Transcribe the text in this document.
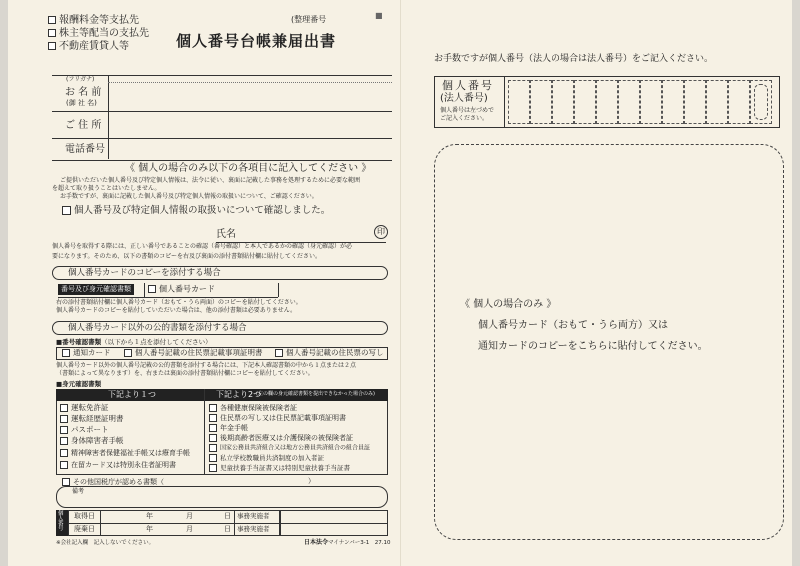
報酬料金等支払先
株主等配当の支払先
不動産賃貸人等	個人番号台帳兼届出書
(整理番号	■
(フリガナ)
お 名 前
(御 社 名)
ご 住 所
電話番号
《 個人の場合のみ以下の各項目に記入してください 》
ご提供いただいた個人番号及び特定個人情報は、法令に従い、裏面に記載した事務を処理するために必要な範囲
を超えて取り扱うことはいたしません。
お手数ですが、裏面に記載した個人番号及び特定個人情報の取扱いについて、ご確認ください。
個人番号及び特定個人情報の取扱いについて確認しました。
氏名	印
個人番号を取得する際には、正しい番号であることの確認（番号確認）と本人であるかの確認（身元確認）が必
要になります。そのため、以下の書類のコピーを右及び裏面の添付書類貼付欄に貼付してください。
個人番号カードのコピーを添付する場合
番号及び身元確認書類	個人番号カード
右の添付書類貼付欄に個人番号カード（おもて・うら両面）のコピーを貼付してください。
個人番号カードのコピーを貼付していただいた場合は、他の添付書類は必要ありません。
個人番号カード以外の公的書類を添付する場合
■番号確認書類（以下から１点を添付してください）
通知カード	個人番号記載の住民票記載事項証明書	個人番号記載の住民票の写し
個人番号カード以外の個人番号記載の公的書類を添付する場合には、下記本人確認書類の中から１点または２点
（書類によって異なります）を、右または裏面の添付書類貼付欄にコピーを貼付してください。
■身元確認書類
下記より１つ	下記より2つ
(左の欄の身元確認書類を提出できなかった場合のみ)
運転免許証
運転経歴証明書
パスポート
身体障害者手帳
精神障害者保健福祉手帳又は療育手帳
在留カード又は特別永住者証明書
各種健康保険被保険者証
住民票の写し又は住民票記載事項証明書
年金手帳
後期高齢者医療又は介護保険の被保険者証
国家公務員共済組合又は地方公務員共済組合の組合員証
私立学校教職員共済制度の加入者証
児童扶養手当証書又は特別児童扶養手当証書
その他国税庁が認める書類（	）
備考
個人番号
取得日	年	月	日 事務実施者
廃棄日	年	月	日 事務実施者
※会社記入欄　記入しないでください。	日本法令 マイナンバー3-1　27.10
お手数ですが個人番号（法人の場合は法人番号）をご記入ください。
個人番号
(法人番号)
個人番号は左づめで
ご記入ください。
《 個人の場合のみ 》
個人番号カード（おもて・うら両方）又は
通知カードのコピーをこちらに貼付してください。
